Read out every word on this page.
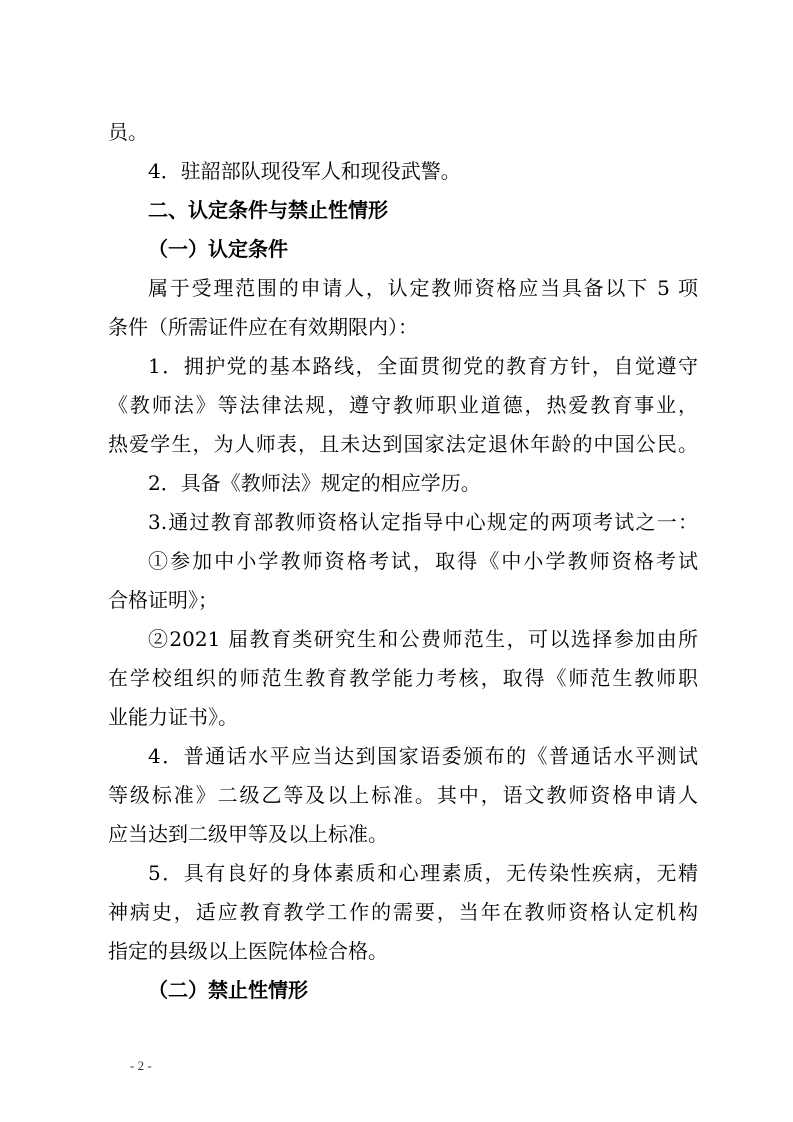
员。
4．驻韶部队现役军人和现役武警。
二、认定条件与禁止性情形
（一）认定条件
属于受理范围的申请人，认定教师资格应当具备以下 5 项
条件（所需证件应在有效期限内）：
1．拥护党的基本路线，全面贯彻党的教育方针，自觉遵守
《教师法》等法律法规，遵守教师职业道德，热爱教育事业，
热爱学生，为人师表，且未达到国家法定退休年龄的中国公民。
2．具备《教师法》规定的相应学历。
3.通过教育部教师资格认定指导中心规定的两项考试之一：
①参加中小学教师资格考试，取得《中小学教师资格考试
合格证明》；
②2021 届教育类研究生和公费师范生，可以选择参加由所
在学校组织的师范生教育教学能力考核，取得《师范生教师职
业能力证书》。
4．普通话水平应当达到国家语委颁布的《普通话水平测试
等级标准》二级乙等及以上标准。其中，语文教师资格申请人
应当达到二级甲等及以上标准。
5．具有良好的身体素质和心理素质，无传染性疾病，无精
神病史，适应教育教学工作的需要，当年在教师资格认定机构
指定的县级以上医院体检合格。
（二）禁止性情形
- 2 -
